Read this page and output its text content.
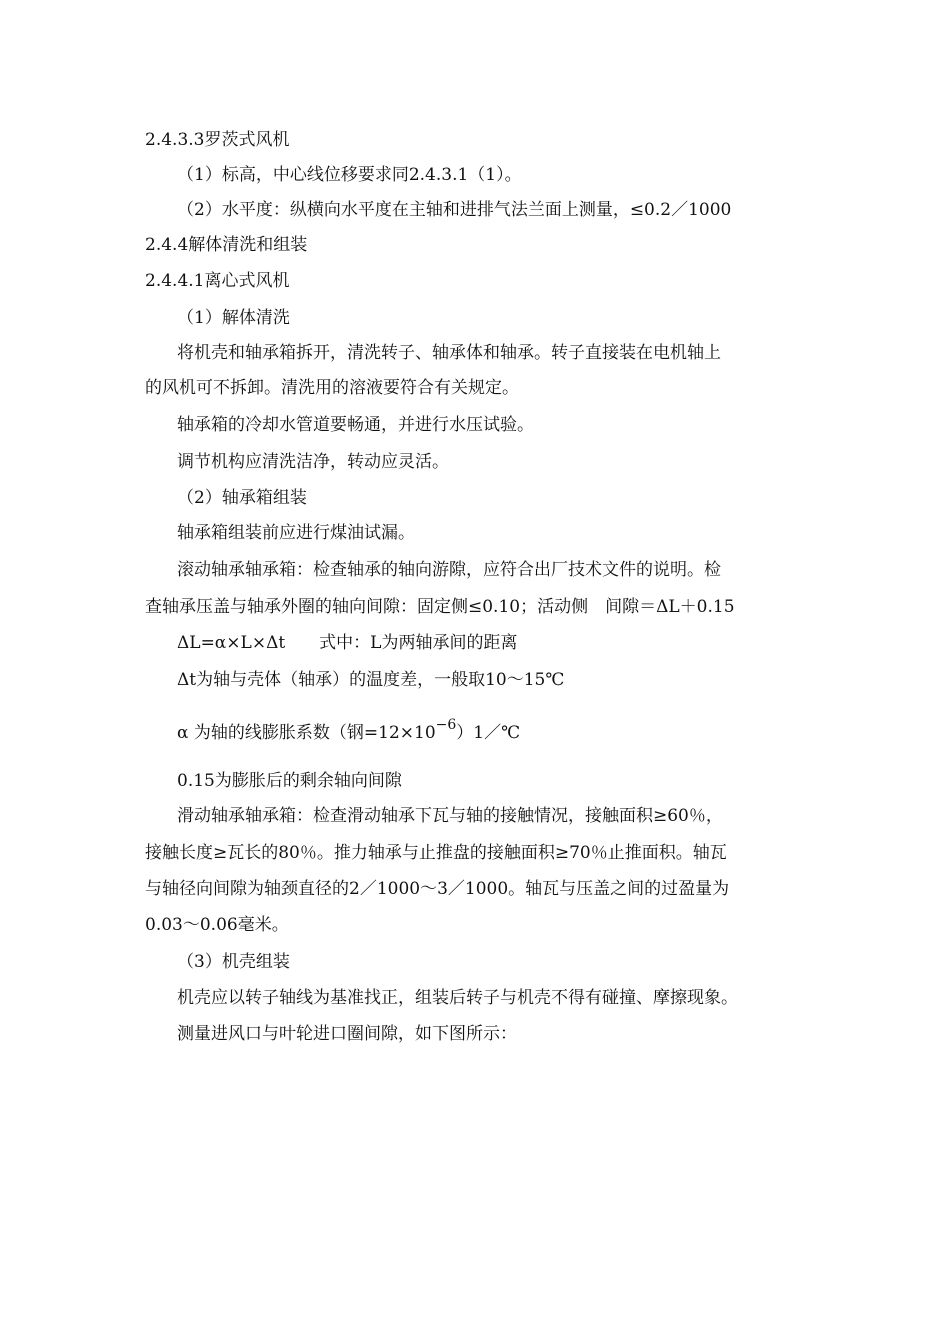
2.4.3.3罗茨式风机
（1）标高，中心线位移要求同2.4.3.1（1）。
（2）水平度：纵横向水平度在主轴和进排气法兰面上测量，≤0.2／1000
2.4.4解体清洗和组装
2.4.4.1离心式风机
（1）解体清洗
将机壳和轴承箱拆开，清洗转子、轴承体和轴承。转子直接装在电机轴上
的风机可不拆卸。清洗用的溶液要符合有关规定。
轴承箱的冷却水管道要畅通，并进行水压试验。
调节机构应清洗洁净，转动应灵活。
（2）轴承箱组装
轴承箱组装前应进行煤油试漏。
滚动轴承轴承箱：检查轴承的轴向游隙，应符合出厂技术文件的说明。检
查轴承压盖与轴承外圈的轴向间隙：固定侧≤0.10；活动侧　间隙＝ΔL＋0.15
ΔL=α×L×Δt　　式中：L为两轴承间的距离
Δt为轴与壳体（轴承）的温度差，一般取10～15℃
α 为轴的线膨胀系数（钢$=12\times 10^{-6})1/℃$
0.15为膨胀后的剩余轴向间隙
滑动轴承轴承箱：检查滑动轴承下瓦与轴的接触情况，接触面积≥60％，
接触长度≥瓦长的80％。推力轴承与止推盘的接触面积≥70％止推面积。轴瓦
与轴径向间隙为轴颈直径的2／1000～3／1000。轴瓦与压盖之间的过盈量为
0.03～0.06毫米。
（3）机壳组装
机壳应以转子轴线为基准找正，组装后转子与机壳不得有碰撞、摩擦现象。
测量进风口与叶轮进口圈间隙，如下图所示：
